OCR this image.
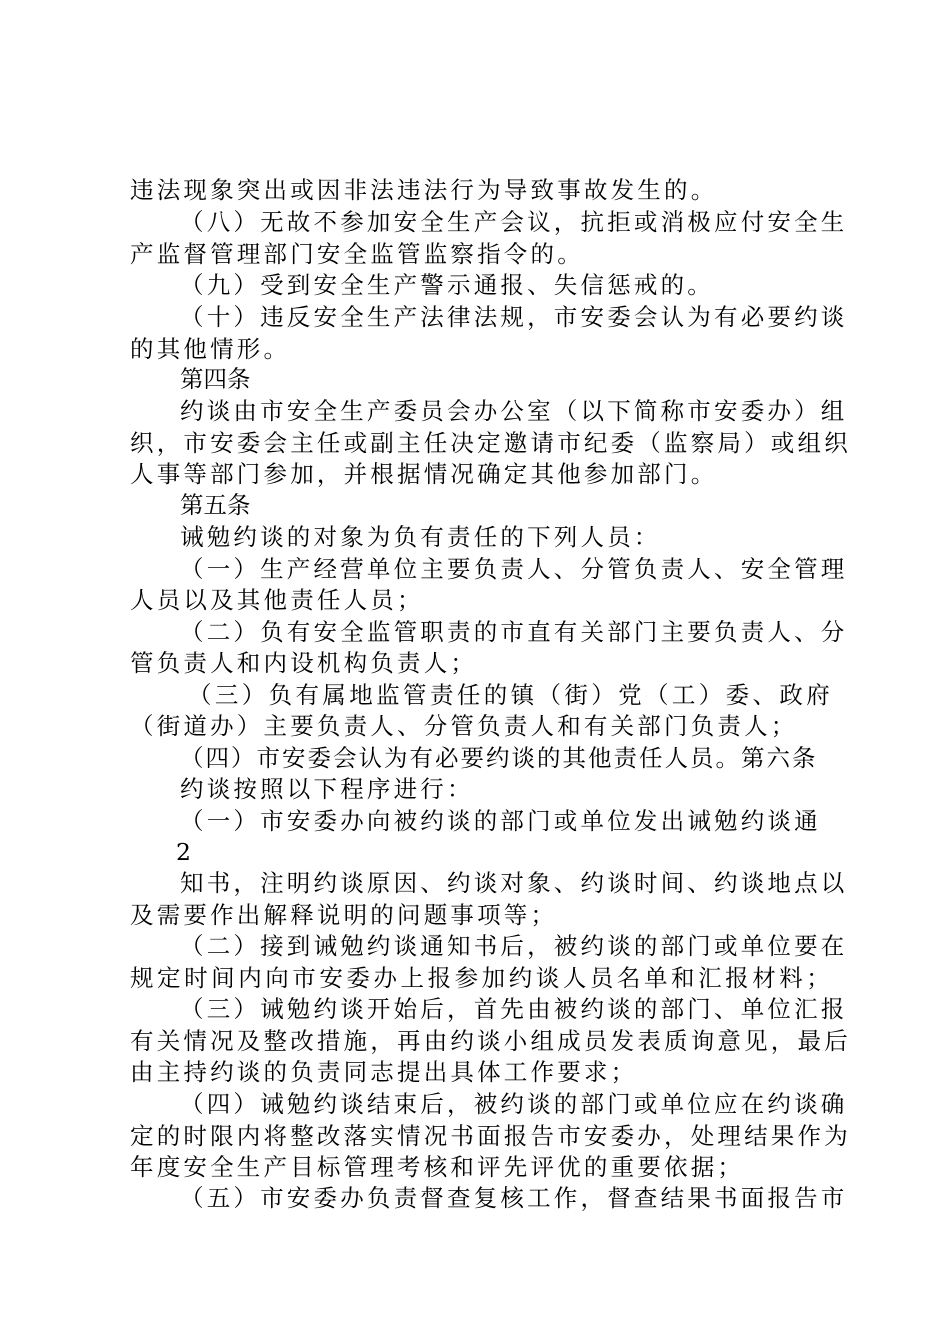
违法现象突出或因非法违法行为导致事故发生的。
（八）无故不参加安全生产会议，抗拒或消极应付安全生
产监督管理部门安全监管监察指令的。
（九）受到安全生产警示通报、失信惩戒的。
（十）违反安全生产法律法规，市安委会认为有必要约谈
的其他情形。
第四条
约谈由市安全生产委员会办公室（以下简称市安委办）组
织，市安委会主任或副主任决定邀请市纪委（监察局）或组织
人事等部门参加，并根据情况确定其他参加部门。
第五条
诫勉约谈的对象为负有责任的下列人员：
（一）生产经营单位主要负责人、分管负责人、安全管理
人员以及其他责任人员；
（二）负有安全监管职责的市直有关部门主要负责人、分
管负责人和内设机构负责人；
（三）负有属地监管责任的镇（街）党（工）委、政府
（街道办）主要负责人、分管负责人和有关部门负责人；
（四）市安委会认为有必要约谈的其他责任人员。第六条
约谈按照以下程序进行：
（一）市安委办向被约谈的部门或单位发出诫勉约谈通
2
知书，注明约谈原因、约谈对象、约谈时间、约谈地点以
及需要作出解释说明的问题事项等；
（二）接到诫勉约谈通知书后，被约谈的部门或单位要在
规定时间内向市安委办上报参加约谈人员名单和汇报材料；
（三）诫勉约谈开始后，首先由被约谈的部门、单位汇报
有关情况及整改措施，再由约谈小组成员发表质询意见，最后
由主持约谈的负责同志提出具体工作要求；
（四）诫勉约谈结束后，被约谈的部门或单位应在约谈确
定的时限内将整改落实情况书面报告市安委办，处理结果作为
年度安全生产目标管理考核和评先评优的重要依据；
（五）市安委办负责督查复核工作，督查结果书面报告市
